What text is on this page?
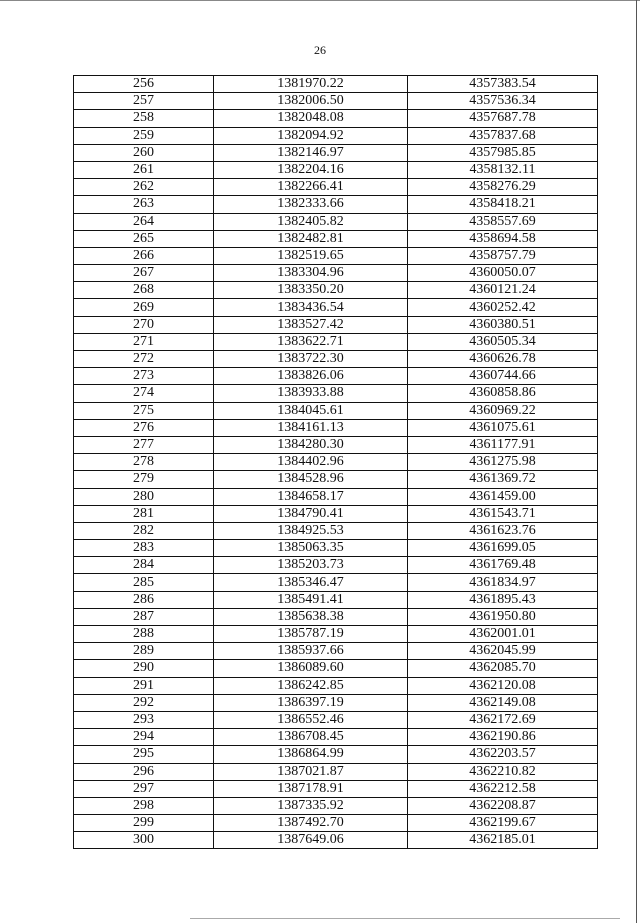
26
256	1381970.22	4357383.54
257	1382006.50	4357536.34
258	1382048.08	4357687.78
259	1382094.92	4357837.68
260	1382146.97	4357985.85
261	1382204.16	4358132.11
262	1382266.41	4358276.29
263	1382333.66	4358418.21
264	1382405.82	4358557.69
265	1382482.81	4358694.58
266	1382519.65	4358757.79
267	1383304.96	4360050.07
268	1383350.20	4360121.24
269	1383436.54	4360252.42
270	1383527.42	4360380.51
271	1383622.71	4360505.34
272	1383722.30	4360626.78
273	1383826.06	4360744.66
274	1383933.88	4360858.86
275	1384045.61	4360969.22
276	1384161.13	4361075.61
277	1384280.30	4361177.91
278	1384402.96	4361275.98
279	1384528.96	4361369.72
280	1384658.17	4361459.00
281	1384790.41	4361543.71
282	1384925.53	4361623.76
283	1385063.35	4361699.05
284	1385203.73	4361769.48
285	1385346.47	4361834.97
286	1385491.41	4361895.43
287	1385638.38	4361950.80
288	1385787.19	4362001.01
289	1385937.66	4362045.99
290	1386089.60	4362085.70
291	1386242.85	4362120.08
292	1386397.19	4362149.08
293	1386552.46	4362172.69
294	1386708.45	4362190.86
295	1386864.99	4362203.57
296	1387021.87	4362210.82
297	1387178.91	4362212.58
298	1387335.92	4362208.87
299	1387492.70	4362199.67
300	1387649.06	4362185.01
